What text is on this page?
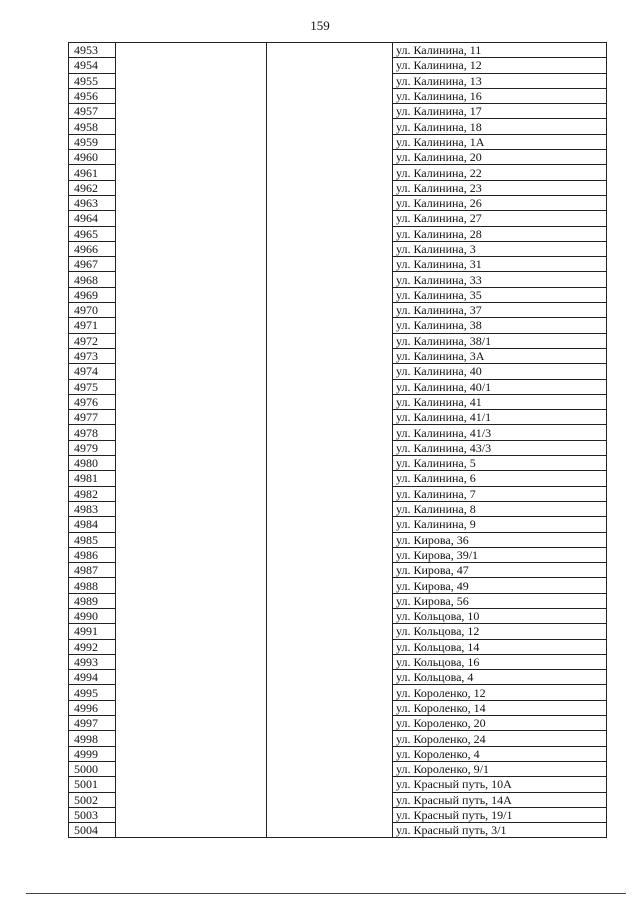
159
4953			ул. Калинина, 11
4954			ул. Калинина, 12
4955			ул. Калинина, 13
4956			ул. Калинина, 16
4957			ул. Калинина, 17
4958			ул. Калинина, 18
4959			ул. Калинина, 1А
4960			ул. Калинина, 20
4961			ул. Калинина, 22
4962			ул. Калинина, 23
4963			ул. Калинина, 26
4964			ул. Калинина, 27
4965			ул. Калинина, 28
4966			ул. Калинина, 3
4967			ул. Калинина, 31
4968			ул. Калинина, 33
4969			ул. Калинина, 35
4970			ул. Калинина, 37
4971			ул. Калинина, 38
4972			ул. Калинина, 38/1
4973			ул. Калинина, 3А
4974			ул. Калинина, 40
4975			ул. Калинина, 40/1
4976			ул. Калинина, 41
4977			ул. Калинина, 41/1
4978			ул. Калинина, 41/3
4979			ул. Калинина, 43/3
4980			ул. Калинина, 5
4981			ул. Калинина, 6
4982			ул. Калинина, 7
4983			ул. Калинина, 8
4984			ул. Калинина, 9
4985			ул. Кирова, 36
4986			ул. Кирова, 39/1
4987			ул. Кирова, 47
4988			ул. Кирова, 49
4989			ул. Кирова, 56
4990			ул. Кольцова, 10
4991			ул. Кольцова, 12
4992			ул. Кольцова, 14
4993			ул. Кольцова, 16
4994			ул. Кольцова, 4
4995			ул. Короленко, 12
4996			ул. Короленко, 14
4997			ул. Короленко, 20
4998			ул. Короленко, 24
4999			ул. Короленко, 4
5000			ул. Короленко, 9/1
5001			ул. Красный путь, 10А
5002			ул. Красный путь, 14А
5003			ул. Красный путь, 19/1
5004			ул. Красный путь, 3/1
